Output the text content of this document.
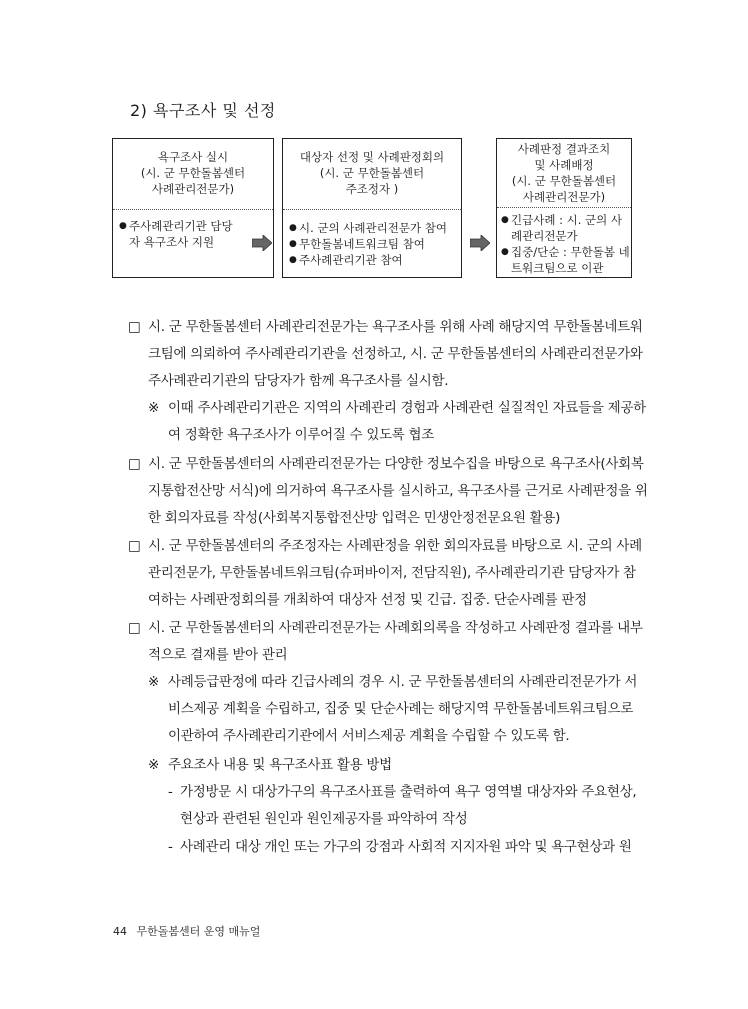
2) 욕구조사 및 선정
욕구조사 실시
(시. 군 무한돌봄센터
사례관리전문가)
● 주사례관리기관 담당자 욕구조사 지원
대상자 선정 및 사례판정회의
(시. 군 무한돌봄센터
주조정자 )
● 시. 군의 사례관리전문가 참여
● 무한돌봄네트워크팀 참여
● 주사례관리기관 참여
사례판정 결과조치
및 사례배정
(시. 군 무한돌봄센터
사례관리전문가)
● 긴급사례 : 시. 군의 사례관리전문가
● 집중/단순 : 무한돌봄 네트워크팀으로 이관
□ 시. 군 무한돌봄센터 사례관리전문가는 욕구조사를 위해 사례 해당지역 무한돌봄네트워크팀에 의뢰하여 주사례관리기관을 선정하고, 시. 군 무한돌봄센터의 사례관리전문가와 주사례관리기관의 담당자가 함께 욕구조사를 실시함.
※ 이때 주사례관리기관은 지역의 사례관리 경험과 사례관련 실질적인 자료들을 제공하여 정확한 욕구조사가 이루어질 수 있도록 협조
□ 시. 군 무한돌봄센터의 사례관리전문가는 다양한 정보수집을 바탕으로 욕구조사(사회복지통합전산망 서식)에 의거하여 욕구조사를 실시하고, 욕구조사를 근거로 사례판정을 위한 회의자료를 작성(사회복지통합전산망 입력은 민생안정전문요원 활용)
□ 시. 군 무한돌봄센터의 주조정자는 사례판정을 위한 회의자료를 바탕으로 시. 군의 사례관리전문가, 무한돌봄네트워크팀(슈퍼바이저, 전담직원), 주사례관리기관 담당자가 참여하는 사례판정회의를 개최하여 대상자 선정 및 긴급. 집중. 단순사례를 판정
□ 시. 군 무한돌봄센터의 사례관리전문가는 사례회의록을 작성하고 사례판정 결과를 내부적으로 결재를 받아 관리
※ 사례등급판정에 따라 긴급사례의 경우 시. 군 무한돌봄센터의 사례관리전문가가 서비스제공 계획을 수립하고, 집중 및 단순사례는 해당지역 무한돌봄네트워크팀으로 이관하여 주사례관리기관에서 서비스제공 계획을 수립할 수 있도록 함.
※ 주요조사 내용 및 욕구조사표 활용 방법
- 가정방문 시 대상가구의 욕구조사표를 출력하여 욕구 영역별 대상자와 주요현상, 현상과 관련된 원인과 원인제공자를 파악하여 작성
- 사례관리 대상 개인 또는 가구의 강점과 사회적 지지자원 파악 및 욕구현상과 원
44 무한돌봄센터 운영 매뉴얼
